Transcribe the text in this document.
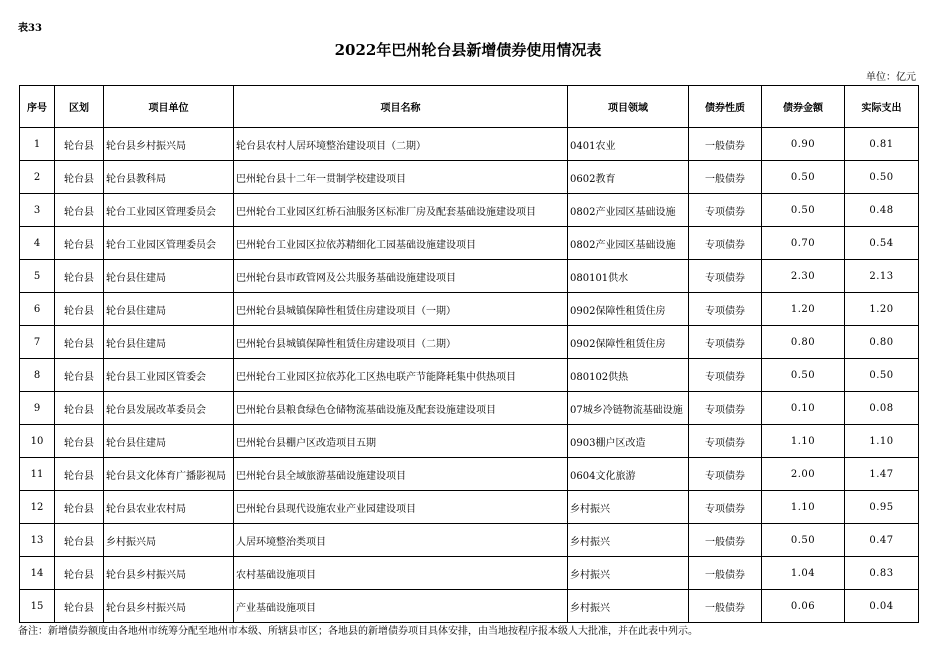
表33
2022年巴州轮台县新增债券使用情况表
单位：亿元
序号	区划	项目单位	项目名称	项目领域	债券性质	债券金额	实际支出
1	轮台县	轮台县乡村振兴局	轮台县农村人居环境整治建设项目（二期）	0401农业	一般债券	0.90	0.81
2	轮台县	轮台县教科局	巴州轮台县十二年一贯制学校建设项目	0602教育	一般债券	0.50	0.50
3	轮台县	轮台工业园区管理委员会	巴州轮台工业园区红桥石油服务区标准厂房及配套基础设施建设项目	0802产业园区基础设施	专项债券	0.50	0.48
4	轮台县	轮台工业园区管理委员会	巴州轮台工业园区拉依苏精细化工园基础设施建设项目	0802产业园区基础设施	专项债券	0.70	0.54
5	轮台县	轮台县住建局	巴州轮台县市政管网及公共服务基础设施建设项目	080101供水	专项债券	2.30	2.13
6	轮台县	轮台县住建局	巴州轮台县城镇保障性租赁住房建设项目（一期）	0902保障性租赁住房	专项债券	1.20	1.20
7	轮台县	轮台县住建局	巴州轮台县城镇保障性租赁住房建设项目（二期）	0902保障性租赁住房	专项债券	0.80	0.80
8	轮台县	轮台县工业园区管委会	巴州轮台工业园区拉依苏化工区热电联产节能降耗集中供热项目	080102供热	专项债券	0.50	0.50
9	轮台县	轮台县发展改革委员会	巴州轮台县粮食绿色仓储物流基础设施及配套设施建设项目	07城乡冷链物流基础设施	专项债券	0.10	0.08
10	轮台县	轮台县住建局	巴州轮台县棚户区改造项目五期	0903棚户区改造	专项债券	1.10	1.10
11	轮台县	轮台县文化体育广播影视局	巴州轮台县全域旅游基础设施建设项目	0604文化旅游	专项债券	2.00	1.47
12	轮台县	轮台县农业农村局	巴州轮台县现代设施农业产业园建设项目	乡村振兴	专项债券	1.10	0.95
13	轮台县	乡村振兴局	人居环境整治类项目	乡村振兴	一般债券	0.50	0.47
14	轮台县	轮台县乡村振兴局	农村基础设施项目	乡村振兴	一般债券	1.04	0.83
15	轮台县	轮台县乡村振兴局	产业基础设施项目	乡村振兴	一般债券	0.06	0.04
备注：新增债券额度由各地州市统筹分配至地州市本级、所辖县市区；各地县的新增债券项目具体安排，由当地按程序报本级人大批准，并在此表中列示。
